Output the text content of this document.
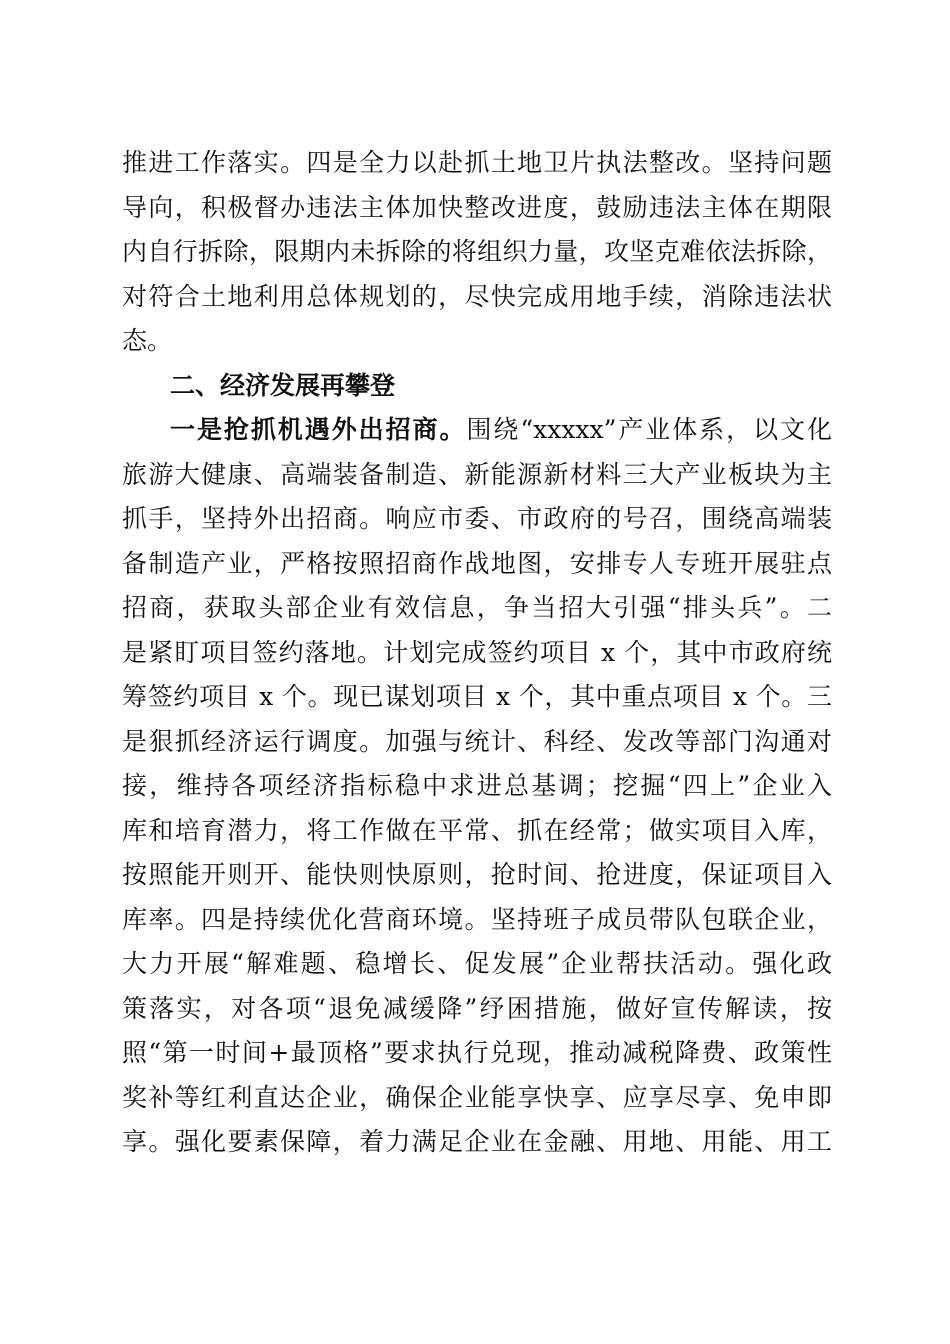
推进工作落实。四是全力以赴抓土地卫片执法整改。坚持问题
导向，积极督办违法主体加快整改进度，鼓励违法主体在期限
内自行拆除，限期内未拆除的将组织力量，攻坚克难依法拆除，
对符合土地利用总体规划的，尽快完成用地手续，消除违法状
态。
二、经济发展再攀登
一是抢抓机遇外出招商。围绕“xxxxx”产业体系，以文化
旅游大健康、高端装备制造、新能源新材料三大产业板块为主
抓手，坚持外出招商。响应市委、市政府的号召，围绕高端装
备制造产业，严格按照招商作战地图，安排专人专班开展驻点
招商，获取头部企业有效信息，争当招大引强“排头兵”。二
是紧盯项目签约落地。计划完成签约项目 x 个，其中市政府统
筹签约项目 x 个。现已谋划项目 x 个，其中重点项目 x 个。三
是狠抓经济运行调度。加强与统计、科经、发改等部门沟通对
接，维持各项经济指标稳中求进总基调；挖掘“四上”企业入
库和培育潜力，将工作做在平常、抓在经常；做实项目入库，
按照能开则开、能快则快原则，抢时间、抢进度，保证项目入
库率。四是持续优化营商环境。坚持班子成员带队包联企业，
大力开展“解难题、稳增长、促发展”企业帮扶活动。强化政
策落实，对各项“退免减缓降”纾困措施，做好宣传解读，按
照“第一时间+最顶格”要求执行兑现，推动减税降费、政策性
奖补等红利直达企业，确保企业能享快享、应享尽享、免申即
享。强化要素保障，着力满足企业在金融、用地、用能、用工
